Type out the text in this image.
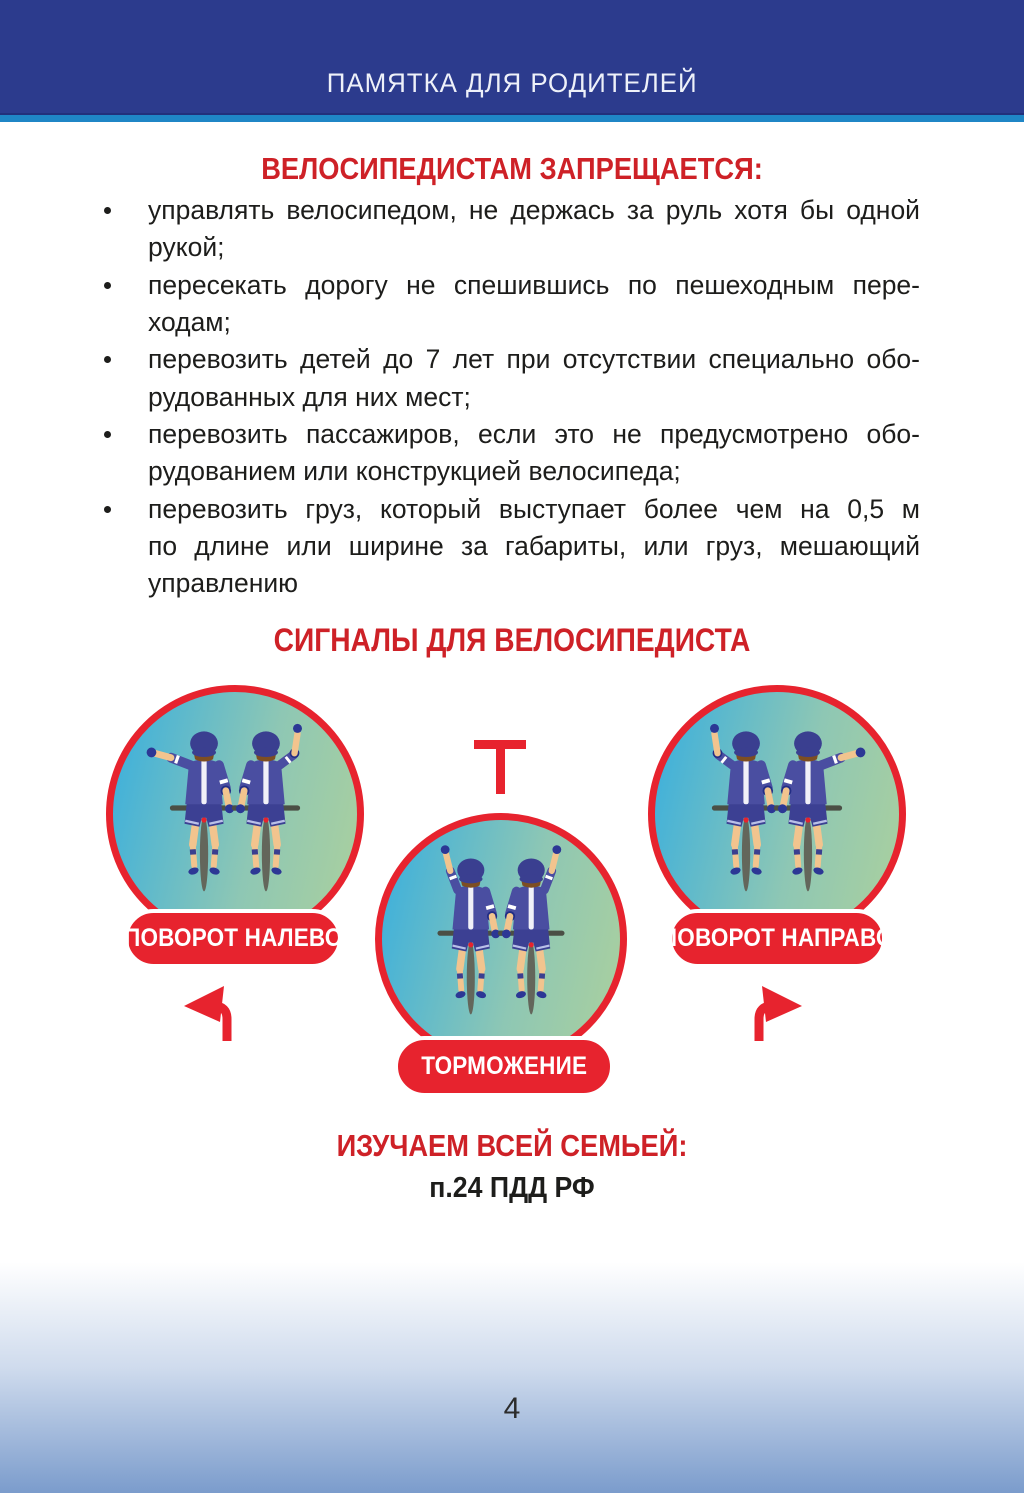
ПАМЯТКА ДЛЯ РОДИТЕЛЕЙ
ВЕЛОСИПЕДИСТАМ ЗАПРЕЩАЕТСЯ:
управлять велосипедом, не держась за руль хотя бы одной
рукой;
пересекать дорогу не спешившись по пешеходным пере-
ходам;
перевозить детей до 7 лет при отсутствии специально обо-
рудованных для них мест;
перевозить пассажиров, если это не предусмотрено обо-
рудованием или конструкцией велосипеда;
перевозить груз, который выступает более чем на 0,5 м
по длине или ширине за габариты, или груз, мешающий
управлению
СИГНАЛЫ ДЛЯ ВЕЛОСИПЕДИСТА
ПОВОРОТ НАЛЕВО
ТОРМОЖЕНИЕ
ПОВОРОТ НАПРАВО
ИЗУЧАЕМ ВСЕЙ СЕМЬЕЙ:
п.24 ПДД РФ
4
